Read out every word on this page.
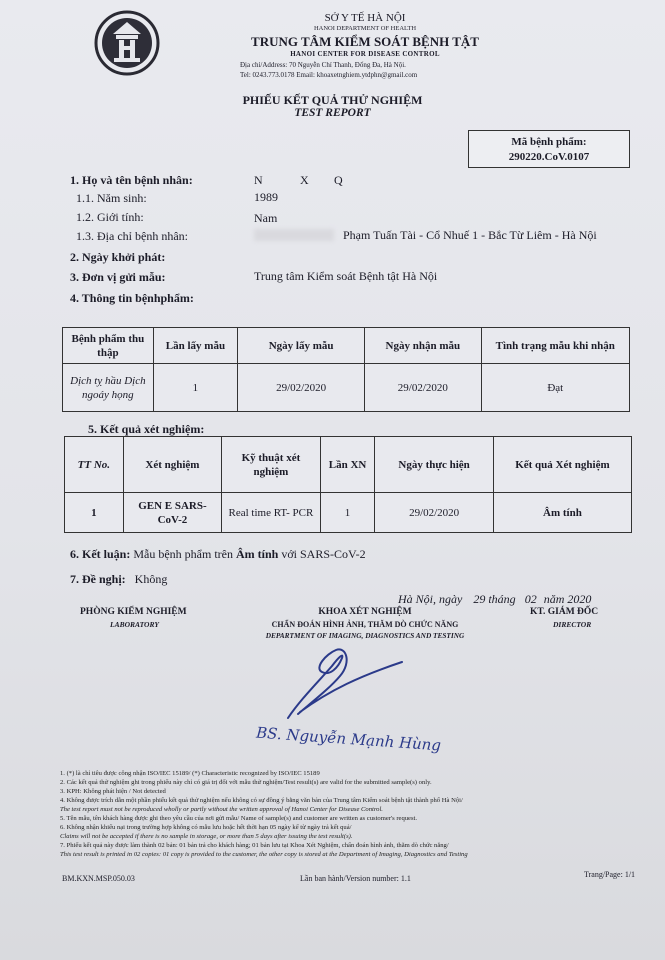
SỞ Y TẾ HÀ NỘI
HANOI DEPARTMENT OF HEALTH
TRUNG TÂM KIỂM SOÁT BỆNH TẬT
HANOI CENTER FOR DISEASE CONTROL
Địa chỉ/Address: 70 Nguyễn Chí Thanh, Đống Đa, Hà Nội.
Tel: 0243.773.0178 Email: khoaxetnghiem.ytdphn@gmail.com
PHIẾU KẾT QUẢ THỬ NGHIỆM
TEST REPORT
Mã bệnh phẩm:
290220.CoV.0107
1. Họ và tên bệnh nhân:	N	X Q
1.1. Năm sinh:	1989
1.2. Giới tính:	Nam
1.3. Địa chỉ bệnh nhân:	Phạm Tuấn Tài - Cổ Nhuế 1 - Bắc Từ Liêm - Hà Nội
2. Ngày khởi phát:
3. Đơn vị gửi mẫu:	Trung tâm Kiểm soát Bệnh tật Hà Nội
4. Thông tin bệnhphẩm:
Bệnh phẩm thu thập	Lần lấy mẫu	Ngày lấy mẫu	Ngày nhận mẫu	Tình trạng mẫu khi nhận
Dịch tỵ hầu Dịch ngoáy họng	1	29/02/2020	29/02/2020	Đạt
5. Kết quả xét nghiệm:
TT No.	Xét nghiệm	Kỹ thuật xét nghiệm	Lần XN	Ngày thực hiện	Kết quả Xét nghiệm
1	GEN E SARS-CoV-2	Real time RT- PCR	1	29/02/2020	Âm tính
6. Kết luận: Mẫu bệnh phẩm trên Âm tính với SARS-CoV-2
7. Đề nghị: Không
Hà Nội, ngày 29 tháng 02 năm 2020
PHÒNG KIỂM NGHIỆM
LABORATORY
KHOA XÉT NGHIỆM
CHẨN ĐOÁN HÌNH ẢNH, THĂM DÒ CHỨC NĂNG
DEPARTMENT OF IMAGING, DIAGNOSTICS AND TESTING
KT. GIÁM ĐỐC
DIRECTOR
BS. Nguyễn Mạnh Hùng
1. (*) là chỉ tiêu được công nhận ISO/IEC 15189/ (*) Characteristic recognized by ISO/IEC 15189
2. Các kết quả thử nghiệm ghi trong phiếu này chỉ có giá trị đối với mẫu thử nghiệm/Test result(s) are valid for the submitted sample(s) only.
3. KPH: Không phát hiện / Not detected
4. Không được trích dẫn một phần phiếu kết quả thử nghiệm nếu không có sự đồng ý bằng văn bản của Trung tâm Kiểm soát bệnh tật thành phố Hà Nội/
The test report must not be reproduced wholly or partly without the written approval of Hanoi Center for Disease Control.
5. Tên mẫu, tên khách hàng được ghi theo yêu cầu của nơi gửi mẫu/ Name of sample(s) and customer are written as customer's request.
6. Không nhận khiếu nại trong trường hợp không có mẫu lưu hoặc hết thời hạn 05 ngày kể từ ngày trả kết quả/
Claims will not be accepted if there is no sample in storage, or more than 5 days after issuing the test result(s).
7. Phiếu kết quả này được làm thành 02 bản: 01 bản trả cho khách hàng; 01 bản lưu tại Khoa Xét Nghiệm, chẩn đoán hình ảnh, thăm dò chức năng/
This test result is printed in 02 copies: 01 copy is provided to the customer, the other copy is stored at the Department of Imaging, Diagnostics and Testing
BM.KXN.MSP.050.03	Lần ban hành/Version number: 1.1	Trang/Page: 1/1
